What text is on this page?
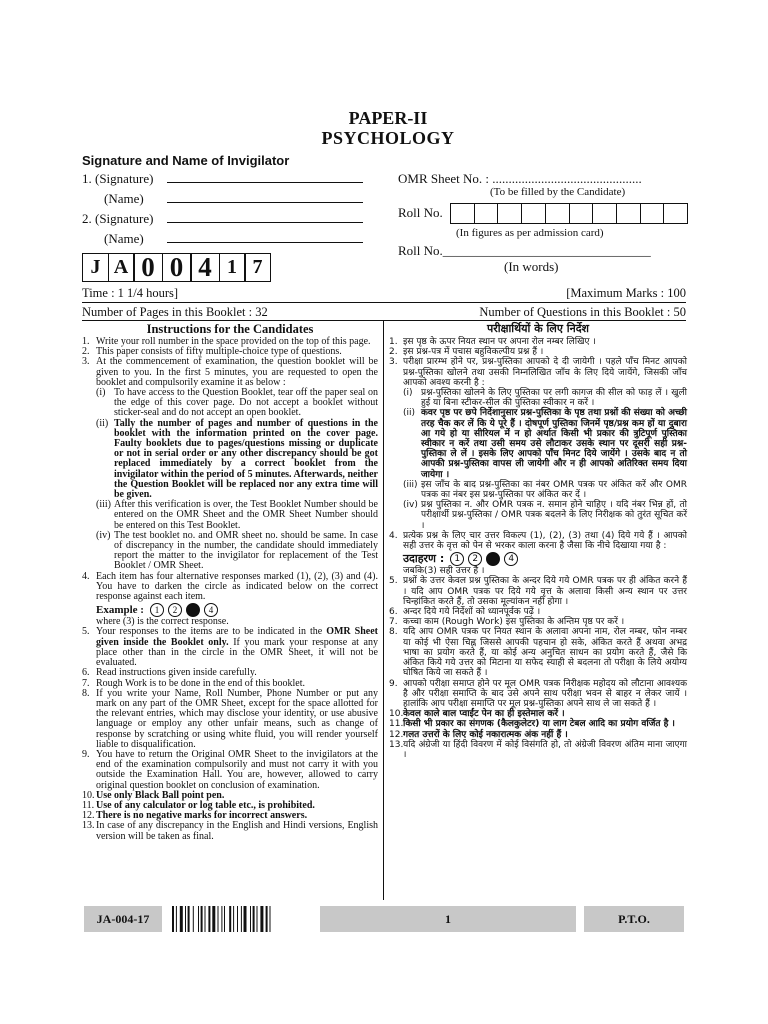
PAPER-II
PSYCHOLOGY
Signature and Name of Invigilator
1. (Signature)
(Name)
2. (Signature)
(Name)
OMR Sheet No. : ..............................................
(To be filled by the Candidate)
Roll No.
(In figures as per admission card)
Roll No.________________________________
(In words)
J A 0 0 4 1 7
Time : 1 1/4 hours]	[Maximum Marks : 100
Number of Pages in this Booklet : 32	Number of Questions in this Booklet : 50
Instructions for the Candidates
1. Write your roll number in the space provided on the top of this page.
2. This paper consists of fifty multiple-choice type of questions.
3. At the commencement of examination, the question booklet will be given to you. In the first 5 minutes, you are requested to open the booklet and compulsorily examine it as below :
(i) To have access to the Question Booklet, tear off the paper seal on the edge of this cover page. Do not accept a booklet without sticker-seal and do not accept an open booklet.
(ii) Tally the number of pages and number of questions in the booklet with the information printed on the cover page. Faulty booklets due to pages/questions missing or duplicate or not in serial order or any other discrepancy should be got replaced immediately by a correct booklet from the invigilator within the period of 5 minutes. Afterwards, neither the Question Booklet will be replaced nor any extra time will be given.
(iii) After this verification is over, the Test Booklet Number should be entered on the OMR Sheet and the OMR Sheet Number should be entered on this Test Booklet.
(iv) The test booklet no. and OMR sheet no. should be same. In case of discrepancy in the number, the candidate should immediately report the matter to the invigilator for replacement of the Test Booklet / OMR Sheet.
4. Each item has four alternative responses marked (1), (2), (3) and (4). You have to darken the circle as indicated below on the correct response against each item.
Example :	1	2	4
where (3) is the correct response.
5. Your responses to the items are to be indicated in the OMR Sheet given inside the Booklet only. If you mark your response at any place other than in the circle in the OMR Sheet, it will not be evaluated.
6. Read instructions given inside carefully.
7. Rough Work is to be done in the end of this booklet.
8. If you write your Name, Roll Number, Phone Number or put any mark on any part of the OMR Sheet, except for the space allotted for the relevant entries, which may disclose your identity, or use abusive language or employ any other unfair means, such as change of response by scratching or using white fluid, you will render yourself liable to disqualification.
9. You have to return the Original OMR Sheet to the invigilators at the end of the examination compulsorily and must not carry it with you outside the Examination Hall. You are, however, allowed to carry original question booklet on conclusion of examination.
10. Use only Black Ball point pen.
11. Use of any calculator or log table etc., is prohibited.
12. There is no negative marks for incorrect answers.
13. In case of any discrepancy in the English and Hindi versions, English version will be taken as final.
परीक्षार्थियों के लिए निर्देश
1. इस पृष्ठ के ऊपर नियत स्थान पर अपना रोल नम्बर लिखिए ।
2. इस प्रश्न-पत्र में पचास बहुविकल्पीय प्रश्न हैं ।
3. परीक्षा प्रारम्भ होने पर, प्रश्न-पुस्तिका आपको दे दी जायेगी । पहले पाँच मिनट आपको प्रश्न-पुस्तिका खोलने तथा उसकी निम्नलिखित जाँच के लिए दिये जायेंगे, जिसकी जाँच आपको अवश्य करनी है :
(i) प्रश्न-पुस्तिका खोलने के लिए पुस्तिका पर लगी कागज की सील को फाड़ लें । खुली हुई या बिना स्टीकर-सील की पुस्तिका स्वीकार न करें ।
(ii) कवर पृष्ठ पर छपे निर्देशानुसार प्रश्न-पुस्तिका के पृष्ठ तथा प्रश्नों की संख्या को अच्छी तरह चैक कर लें कि ये पूरे हैं । दोषपूर्ण पुस्तिका जिनमें पृष्ठ/प्रश्न कम हों या दुबारा आ गये हो या सीरियल में न हो अर्थात किसी भी प्रकार की त्रुटिपूर्ण पुस्तिका स्वीकार न करें तथा उसी समय उसे लौटाकर उसके स्थान पर दूसरी सही प्रश्न-पुस्तिका ले लें । इसके लिए आपको पाँच मिनट दिये जायेंगे । उसके बाद न तो आपकी प्रश्न-पुस्तिका वापस ली जायेगी और न ही आपको अतिरिक्त समय दिया जायेगा ।
(iii) इस जाँच के बाद प्रश्न-पुस्तिका का नंबर OMR पत्रक पर अंकित करें और OMR पत्रक का नंबर इस प्रश्न-पुस्तिका पर अंकित कर दें ।
(iv) प्रश्न पुस्तिका न. और OMR पत्रक न. समान होने चाहिए । यदि नंबर भिन्न हों, तो परीक्षार्थी प्रश्न-पुस्तिका / OMR पत्रक बदलने के लिए निरीक्षक को तुरंत सूचित करें ।
4. प्रत्येक प्रश्न के लिए चार उत्तर विकल्प (1), (2), (3) तथा (4) दिये गये हैं । आपको सही उत्तर के वृत्त को पेन से भरकर काला करना है जैसा कि नीचे दिखाया गया है :
उदाहरण :	1	2	4
जबकि(3) सही उत्तर है ।
5. प्रश्नों के उत्तर केवल प्रश्न पुस्तिका के अन्दर दिये गये OMR पत्रक पर ही अंकित करने हैं । यदि आप OMR पत्रक पर दिये गये वृत्त के अलावा किसी अन्य स्थान पर उत्तर चिन्हांकित करते हैं, तो उसका मूल्यांकन नहीं होगा ।
6. अन्दर दिये गये निर्देशों को ध्यानपूर्वक पढ़ें ।
7. कच्चा काम (Rough Work) इस पुस्तिका के अन्तिम पृष्ठ पर करें ।
8. यदि आप OMR पत्रक पर नियत स्थान के अलावा अपना नाम, रोल नम्बर, फोन नम्बर या कोई भी ऐसा चिह्न जिससे आपकी पहचान हो सके, अंकित करते हैं अथवा अभद्र भाषा का प्रयोग करते हैं, या कोई अन्य अनुचित साधन का प्रयोग करते हैं, जैसे कि अंकित किये गये उत्तर को मिटाना या सफेद स्याही से बदलना तो परीक्षा के लिये अयोग्य घोषित किये जा सकते हैं ।
9. आपको परीक्षा समाप्त होने पर मूल OMR पत्रक निरीक्षक महोदय को लौटाना आवश्यक है और परीक्षा समाप्ति के बाद उसे अपने साथ परीक्षा भवन से बाहर न लेकर जायें । हालांकि आप परीक्षा समाप्ति पर मूल प्रश्न-पुस्तिका अपने साथ ले जा सकते हैं ।
10. केवल काले बाल प्वाईंट पेन का ही इस्तेमाल करें ।
11. किसी भी प्रकार का संगणक (कैलकुलेटर) या लाग टेबल आदि का प्रयोग वर्जित है ।
12. गलत उत्तरों के लिए कोई नकारात्मक अंक नहीं हैं ।
13. यदि अंग्रेजी या हिंदी विवरण में कोई विसंगति हो, तो अंग्रेजी विवरण अंतिम माना जाएगा ।
JA-004-17	1	P.T.O.
